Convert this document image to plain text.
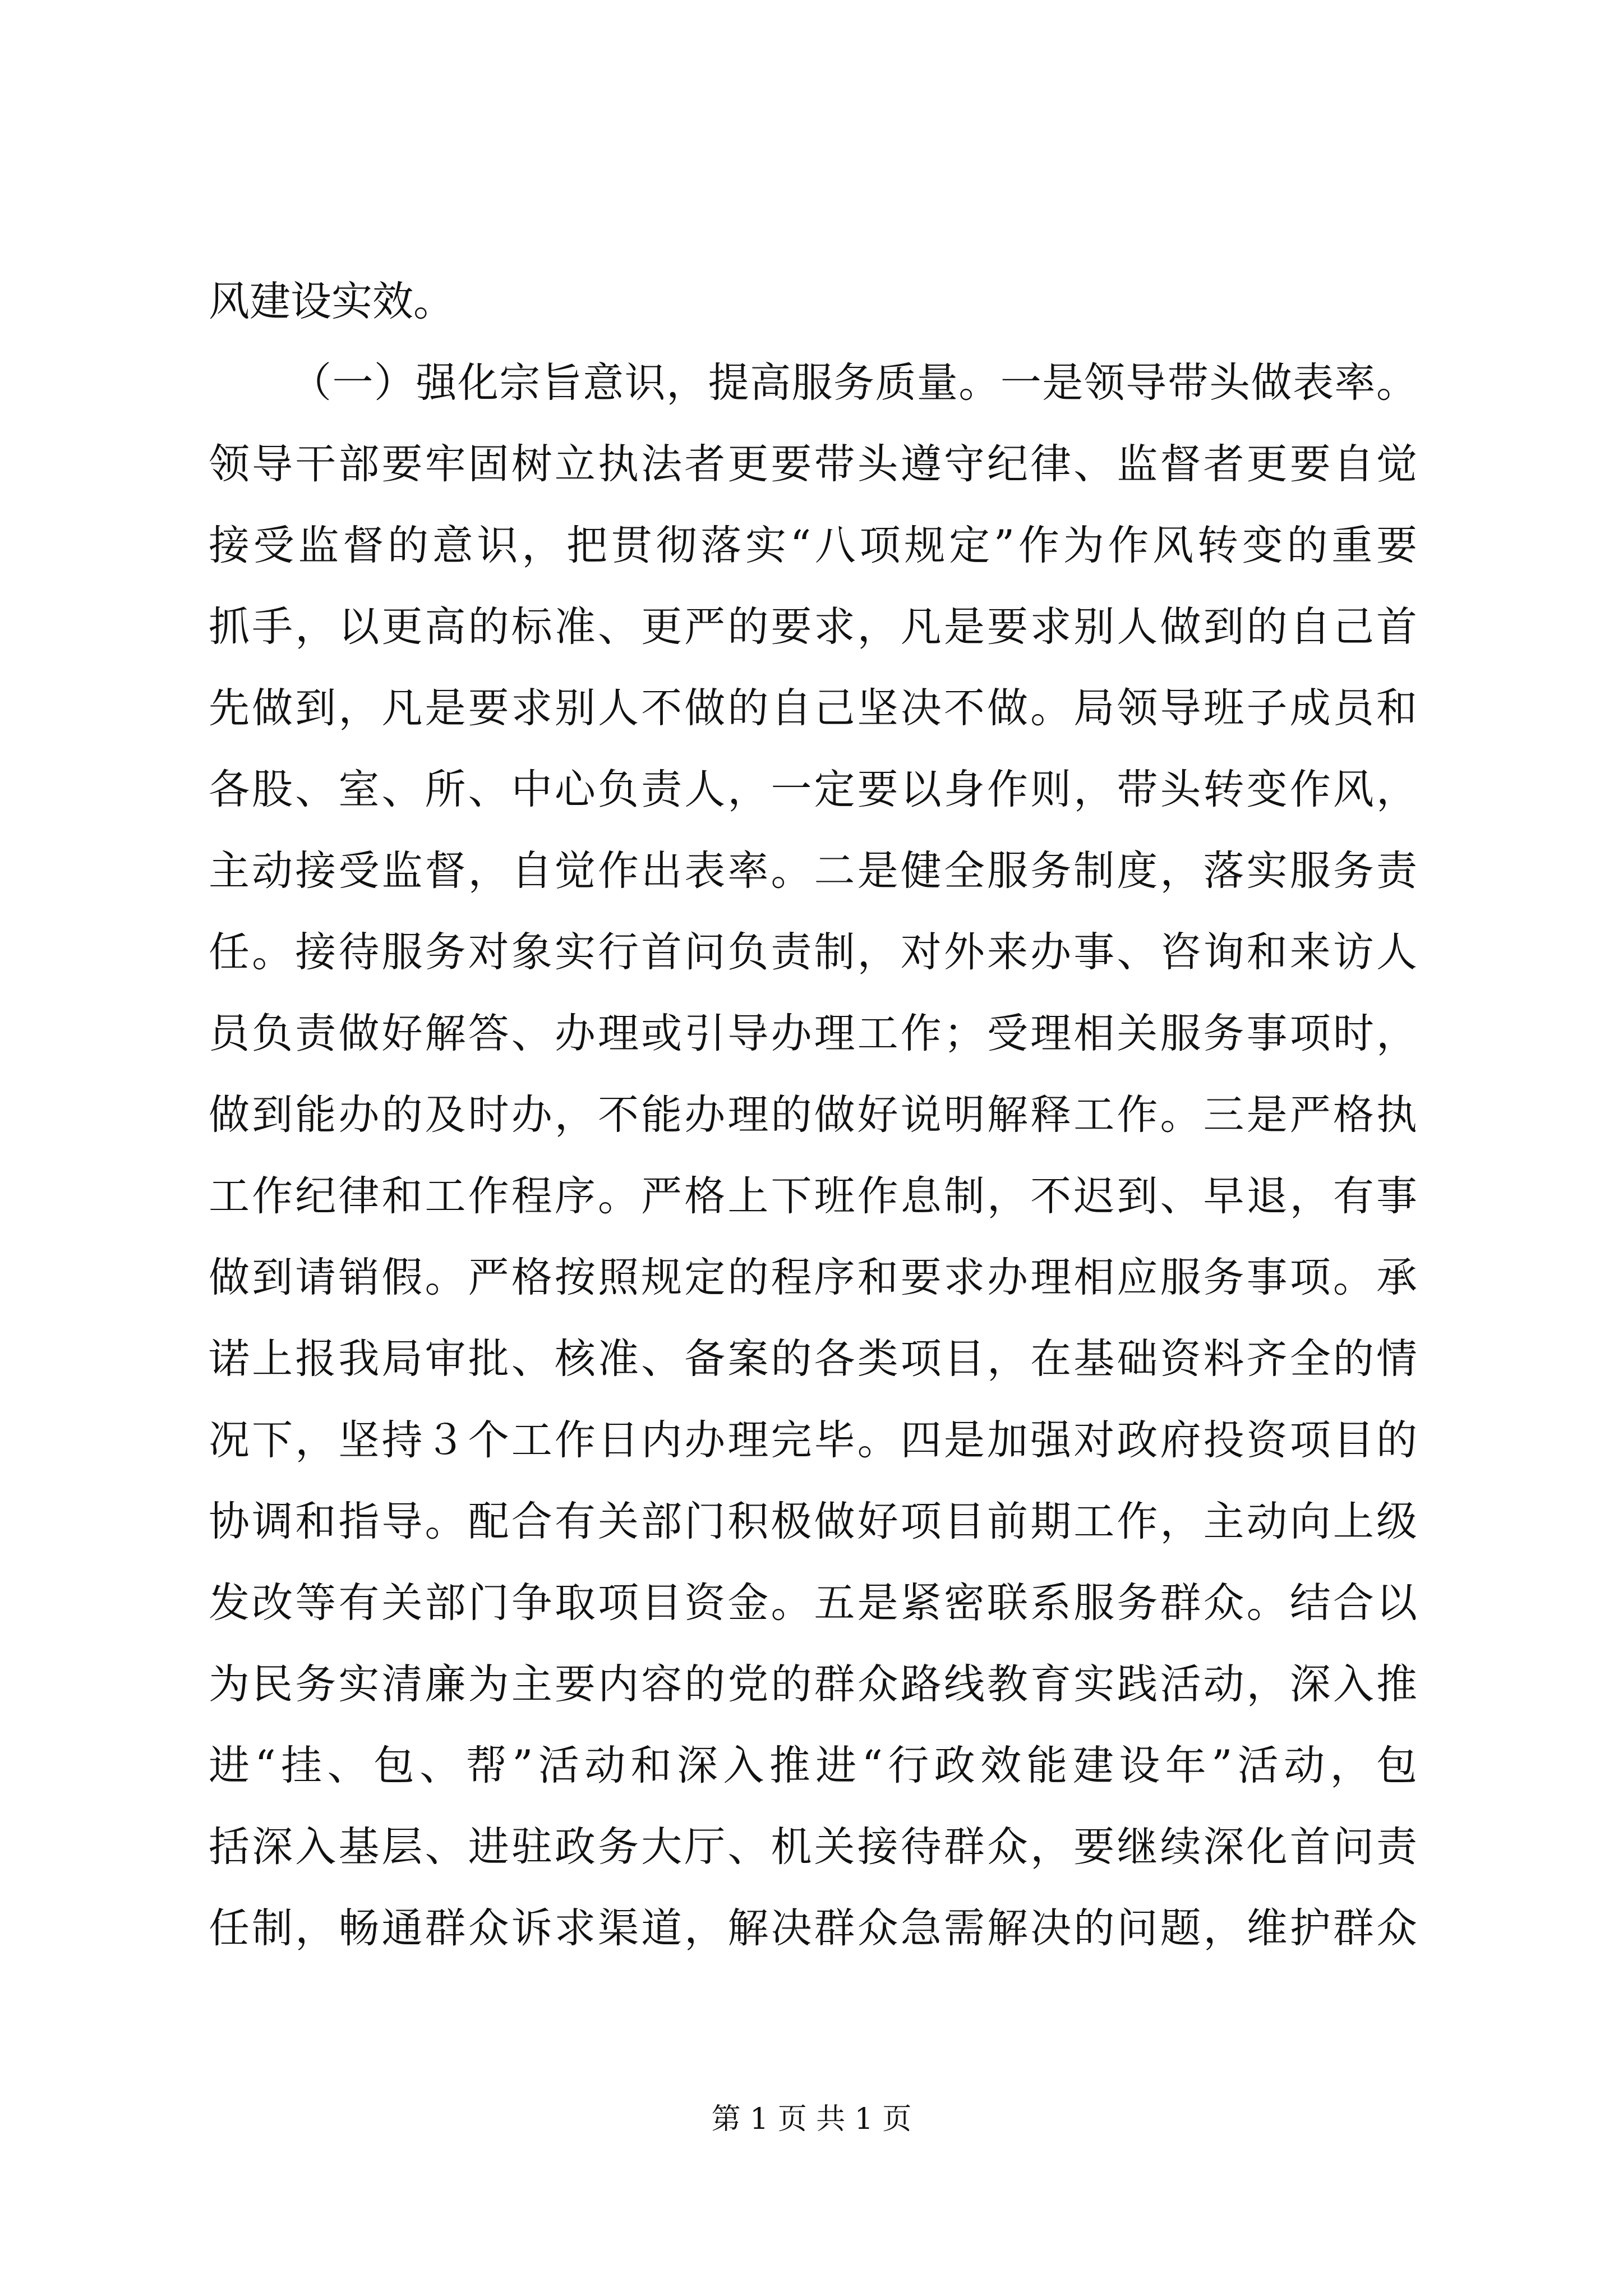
风建设实效。
（一）强化宗旨意识，提高服务质量。一是领导带头做表率。
领导干部要牢固树立执法者更要带头遵守纪律、监督者更要自觉
接受监督的意识，把贯彻落实“八项规定”作为作风转变的重要
抓手，以更高的标准、更严的要求，凡是要求别人做到的自己首
先做到，凡是要求别人不做的自己坚决不做。局领导班子成员和
各股、室、所、中心负责人，一定要以身作则，带头转变作风，
主动接受监督，自觉作出表率。二是健全服务制度，落实服务责
任。接待服务对象实行首问负责制，对外来办事、咨询和来访人
员负责做好解答、办理或引导办理工作；受理相关服务事项时，
做到能办的及时办，不能办理的做好说明解释工作。三是严格执
工作纪律和工作程序。严格上下班作息制，不迟到、早退，有事
做到请销假。严格按照规定的程序和要求办理相应服务事项。承
诺上报我局审批、核准、备案的各类项目，在基础资料齐全的情
况下，坚持３个工作日内办理完毕。四是加强对政府投资项目的
协调和指导。配合有关部门积极做好项目前期工作，主动向上级
发改等有关部门争取项目资金。五是紧密联系服务群众。结合以
为民务实清廉为主要内容的党的群众路线教育实践活动，深入推
进“挂、包、帮”活动和深入推进“行政效能建设年”活动，包
括深入基层、进驻政务大厅、机关接待群众，要继续深化首问责
任制，畅通群众诉求渠道，解决群众急需解决的问题，维护群众
第 1 页 共 1 页
